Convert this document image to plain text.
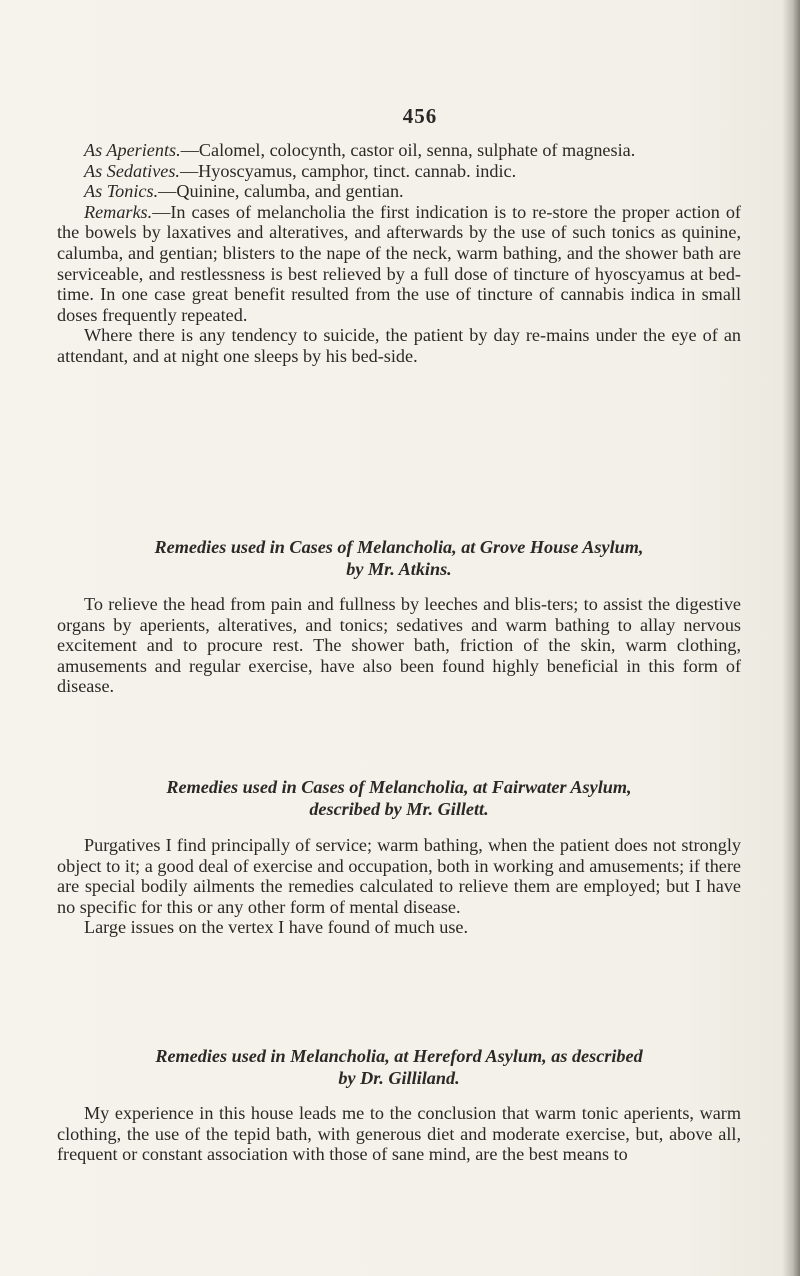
456

As Aperients.—Calomel, colocynth, castor oil, senna, sulphate of magnesia.

As Sedatives.—Hyoscyamus, camphor, tinct. cannab. indic.

As Tonics.—Quinine, calumba, and gentian.

Remarks.—In cases of melancholia the first indication is to re-store the proper action of the bowels by laxatives and alteratives, and afterwards by the use of such tonics as quinine, calumba, and gentian; blisters to the nape of the neck, warm bathing, and the shower bath are serviceable, and restlessness is best relieved by a full dose of tincture of hyoscyamus at bed-time. In one case great benefit resulted from the use of tincture of cannabis indica in small doses frequently repeated.

Where there is any tendency to suicide, the patient by day re-mains under the eye of an attendant, and at night one sleeps by his bed-side.

Remedies used in Cases of Melancholia, at Grove House Asylum,
by Mr. Atkins.

To relieve the head from pain and fullness by leeches and blis-ters; to assist the digestive organs by aperients, alteratives, and tonics; sedatives and warm bathing to allay nervous excitement and to procure rest. The shower bath, friction of the skin, warm clothing, amusements and regular exercise, have also been found highly beneficial in this form of disease.

Remedies used in Cases of Melancholia, at Fairwater Asylum,
described by Mr. Gillett.

Purgatives I find principally of service; warm bathing, when the patient does not strongly object to it; a good deal of exercise and occupation, both in working and amusements; if there are special bodily ailments the remedies calculated to relieve them are employed; but I have no specific for this or any other form of mental disease.

Large issues on the vertex I have found of much use.

Remedies used in Melancholia, at Hereford Asylum, as described
by Dr. Gilliland.

My experience in this house leads me to the conclusion that warm tonic aperients, warm clothing, the use of the tepid bath, with generous diet and moderate exercise, but, above all, frequent or constant association with those of sane mind, are the best means to
